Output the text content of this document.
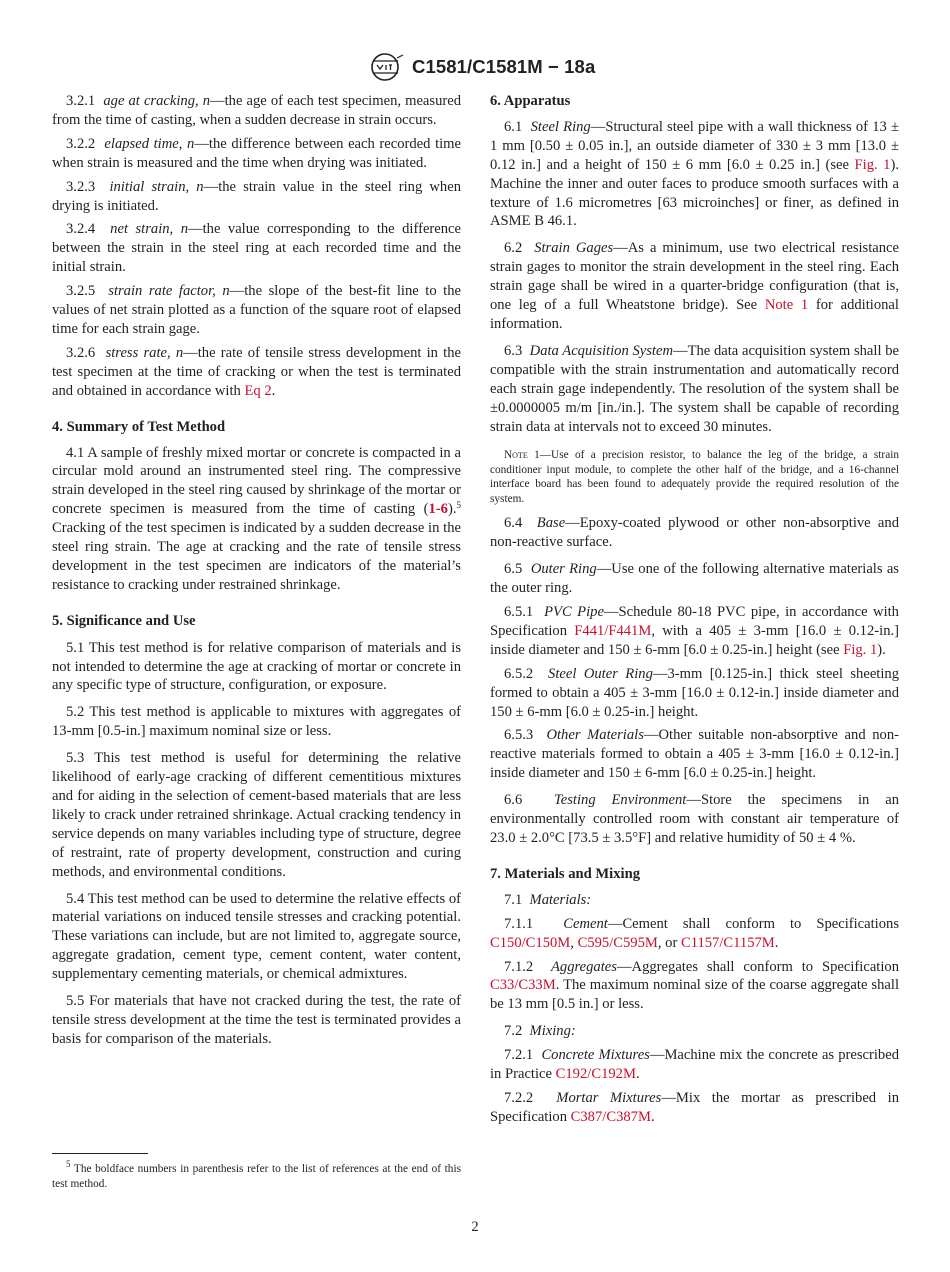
C1581/C1581M − 18a

3.2.1 age at cracking, n—the age of each test specimen, measured from the time of casting, when a sudden decrease in strain occurs.

3.2.2 elapsed time, n—the difference between each recorded time when strain is measured and the time when drying was initiated.

3.2.3 initial strain, n—the strain value in the steel ring when drying is initiated.

3.2.4 net strain, n—the value corresponding to the difference between the strain in the steel ring at each recorded time and the initial strain.

3.2.5 strain rate factor, n—the slope of the best-fit line to the values of net strain plotted as a function of the square root of elapsed time for each strain gage.

3.2.6 stress rate, n—the rate of tensile stress development in the test specimen at the time of cracking or when the test is terminated and obtained in accordance with Eq 2.

4. Summary of Test Method

4.1 A sample of freshly mixed mortar or concrete is compacted in a circular mold around an instrumented steel ring. The compressive strain developed in the steel ring caused by shrinkage of the mortar or concrete specimen is measured from the time of casting (1-6).$^5$ Cracking of the test specimen is indicated by a sudden decrease in the steel ring strain. The age at cracking and the rate of tensile stress development in the test specimen are indicators of the material’s resistance to cracking under restrained shrinkage.

5. Significance and Use

5.1 This test method is for relative comparison of materials and is not intended to determine the age at cracking of mortar or concrete in any specific type of structure, configuration, or exposure.

5.2 This test method is applicable to mixtures with aggregates of 13-mm [0.5-in.] maximum nominal size or less.

5.3 This test method is useful for determining the relative likelihood of early-age cracking of different cementitious mixtures and for aiding in the selection of cement-based materials that are less likely to crack under retrained shrinkage. Actual cracking tendency in service depends on many variables including type of structure, degree of restraint, rate of property development, construction and curing methods, and environmental conditions.

5.4 This test method can be used to determine the relative effects of material variations on induced tensile stresses and cracking potential. These variations can include, but are not limited to, aggregate source, aggregate gradation, cement type, cement content, water content, supplementary cementing materials, or chemical admixtures.

5.5 For materials that have not cracked during the test, the rate of tensile stress development at the time the test is terminated provides a basis for comparison of the materials.

$^5$ The boldface numbers in parenthesis refer to the list of references at the end of this test method.
6. Apparatus

6.1 Steel Ring—Structural steel pipe with a wall thickness of 13 ± 1 mm [0.50 ± 0.05 in.], an outside diameter of 330 ± 3 mm [13.0 ± 0.12 in.] and a height of 150 ± 6 mm [6.0 ± 0.25 in.] (see Fig. 1). Machine the inner and outer faces to produce smooth surfaces with a texture of 1.6 micrometres [63 microinches] or finer, as defined in ASME B 46.1.

6.2 Strain Gages—As a minimum, use two electrical resistance strain gages to monitor the strain development in the steel ring. Each strain gage shall be wired in a quarter-bridge configuration (that is, one leg of a full Wheatstone bridge). See Note 1 for additional information.

6.3 Data Acquisition System—The data acquisition system shall be compatible with the strain instrumentation and automatically record each strain gage independently. The resolution of the system shall be ±0.0000005 m/m [in./in.]. The system shall be capable of recording strain data at intervals not to exceed 30 minutes.

Note 1—Use of a precision resistor, to balance the leg of the bridge, a strain conditioner input module, to complete the other half of the bridge, and a 16-channel interface board has been found to adequately provide the required resolution of the system.

6.4 Base—Epoxy-coated plywood or other non-absorptive and non-reactive surface.

6.5 Outer Ring—Use one of the following alternative materials as the outer ring.

6.5.1 PVC Pipe—Schedule 80-18 PVC pipe, in accordance with Specification F441/F441M, with a 405 ± 3-mm [16.0 ± 0.12-in.] inside diameter and 150 ± 6-mm [6.0 ± 0.25-in.] height (see Fig. 1).

6.5.2 Steel Outer Ring—3-mm [0.125-in.] thick steel sheeting formed to obtain a 405 ± 3-mm [16.0 ± 0.12-in.] inside diameter and 150 ± 6-mm [6.0 ± 0.25-in.] height.

6.5.3 Other Materials—Other suitable non-absorptive and non-reactive materials formed to obtain a 405 ± 3-mm [16.0 ± 0.12-in.] inside diameter and 150 ± 6-mm [6.0 ± 0.25-in.] height.

6.6 Testing Environment—Store the specimens in an environmentally controlled room with constant air temperature of 23.0 ± 2.0°C [73.5 ± 3.5°F] and relative humidity of 50 ± 4 %.

7. Materials and Mixing

7.1 Materials:

7.1.1 Cement—Cement shall conform to Specifications C150/C150M, C595/C595M, or C1157/C1157M.

7.1.2 Aggregates—Aggregates shall conform to Specification C33/C33M. The maximum nominal size of the coarse aggregate shall be 13 mm [0.5 in.] or less.

7.2 Mixing:

7.2.1 Concrete Mixtures—Machine mix the concrete as prescribed in Practice C192/C192M.

7.2.2 Mortar Mixtures—Mix the mortar as prescribed in Specification C387/C387M.

2
